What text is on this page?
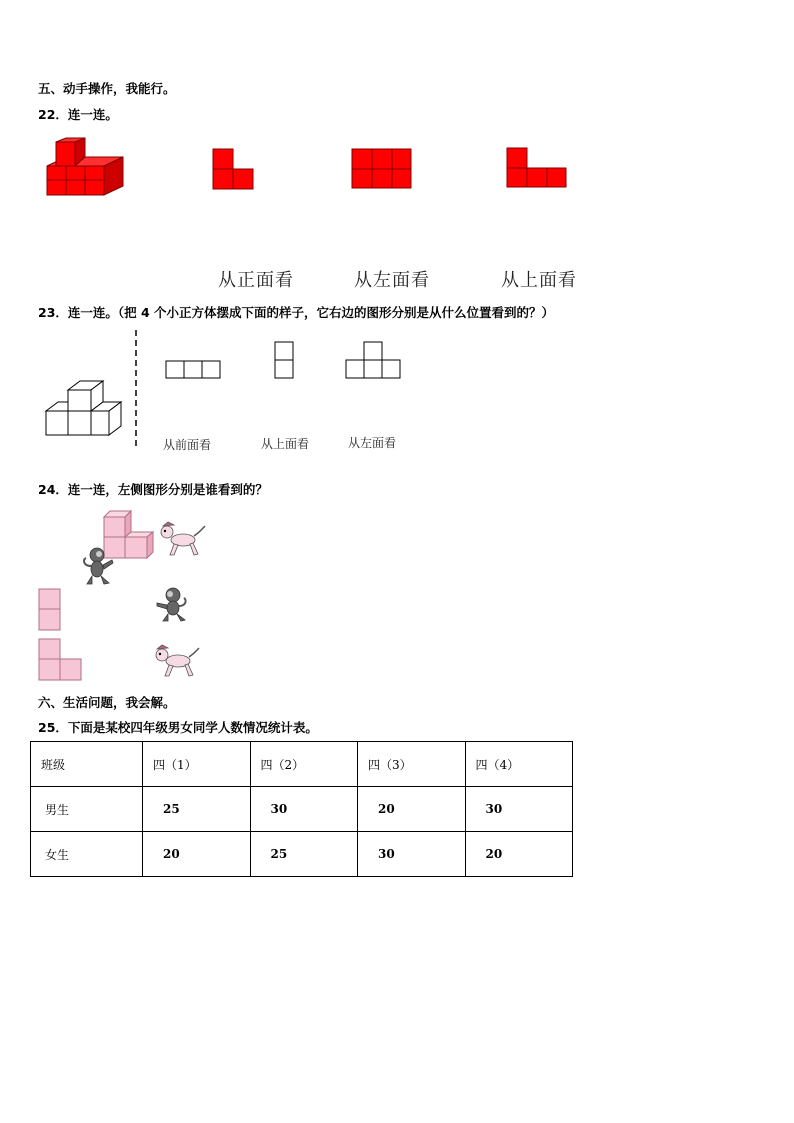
五、动手操作，我能行。
22．连一连。
从正面看	从左面看	从上面看
23．连一连。（把 4 个小正方体摆成下面的样子，它右边的图形分别是从什么位置看到的？）
从前面看	从上面看	从左面看
24．连一连，左侧图形分别是谁看到的？
六、生活问题，我会解。
25．下面是某校四年级男女同学人数情况统计表。
班级	四（1）	四（2）	四（3）	四（4）
男生	25	30	20	30
女生	20	25	30	20
